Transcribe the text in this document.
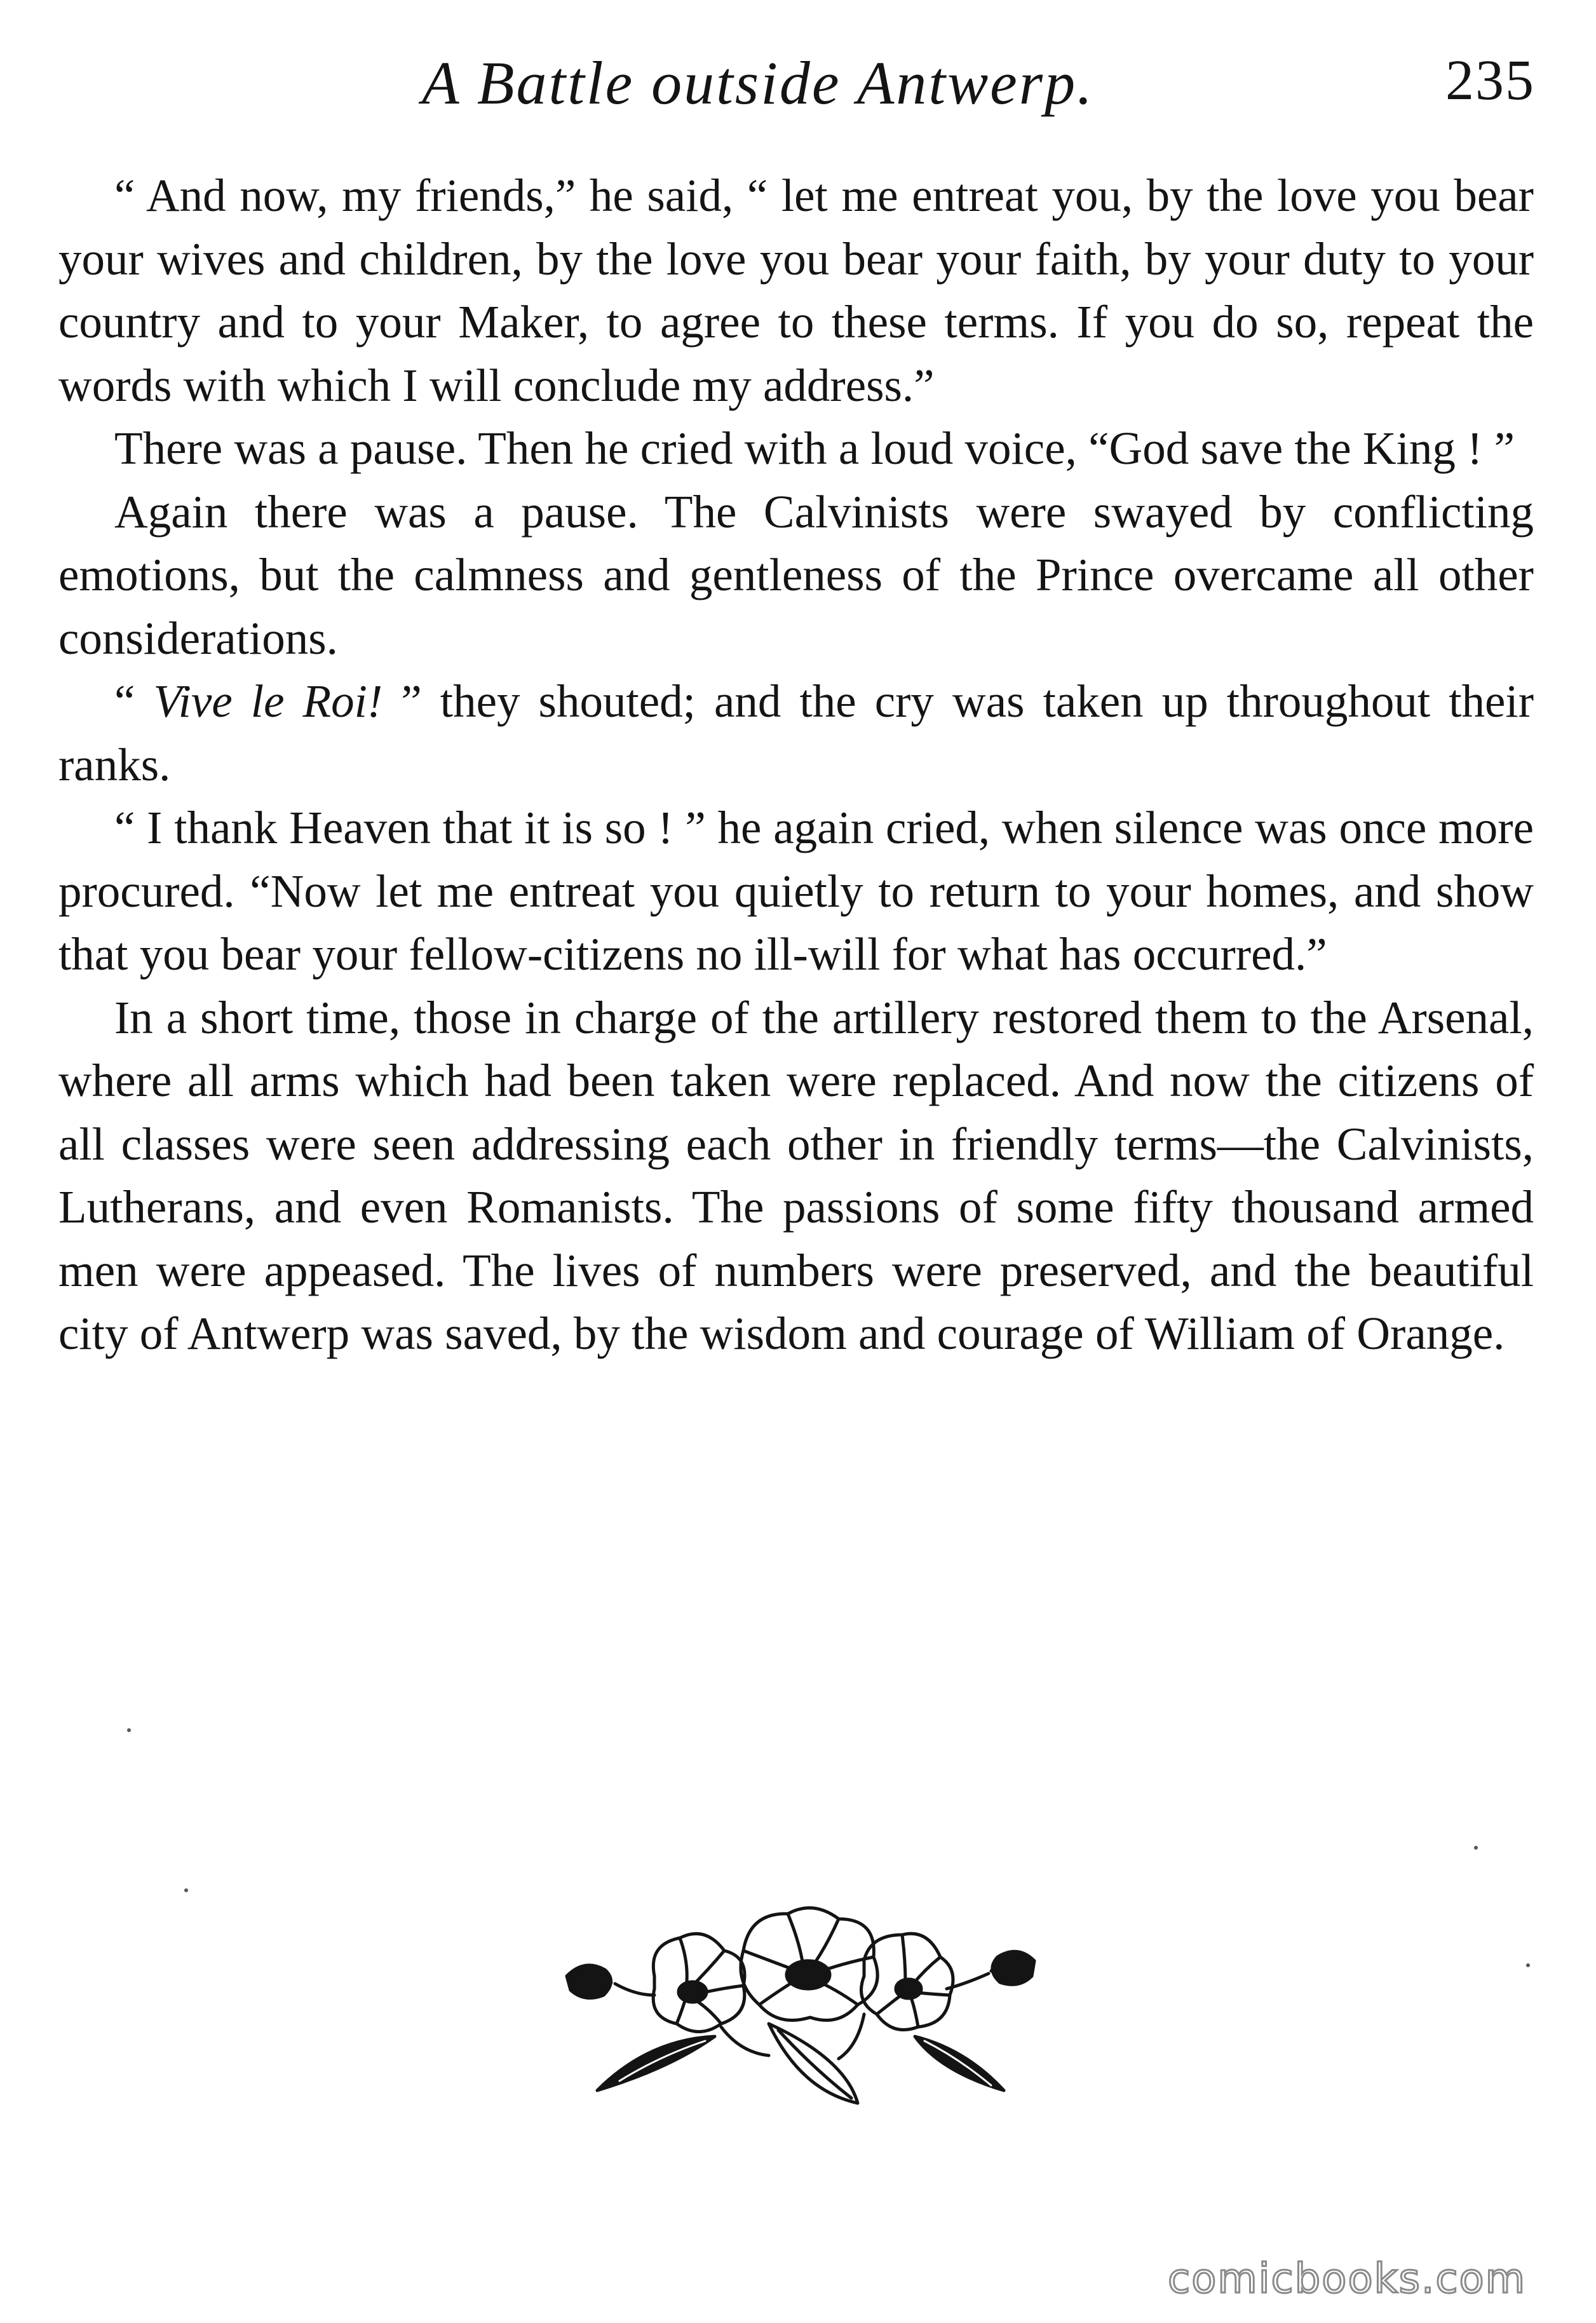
A Battle outside Antwerp.	235

“ And now, my friends,” he said, “ let me entreat you, by the love you bear your wives and children, by the love you bear your faith, by your duty to your country and to your Maker, to agree to these terms. If you do so, repeat the words with which I will conclude my address.”

There was a pause. Then he cried with a loud voice, “God save the King ! ”

Again there was a pause. The Calvinists were swayed by conflicting emotions, but the calmness and gentleness of the Prince overcame all other considerations.

“ Vive le Roi! ” they shouted; and the cry was taken up throughout their ranks.

“ I thank Heaven that it is so ! ” he again cried, when silence was once more procured. “Now let me entreat you quietly to return to your homes, and show that you bear your fellow-citizens no ill-will for what has occurred.”

In a short time, those in charge of the artillery restored them to the Arsenal, where all arms which had been taken were replaced. And now the citizens of all classes were seen addressing each other in friendly terms—the Calvinists, Lutherans, and even Romanists. The passions of some fifty thousand armed men were appeased. The lives of numbers were preserved, and the beautiful city of Antwerp was saved, by the wisdom and courage of William of Orange.

comicbooks.com
